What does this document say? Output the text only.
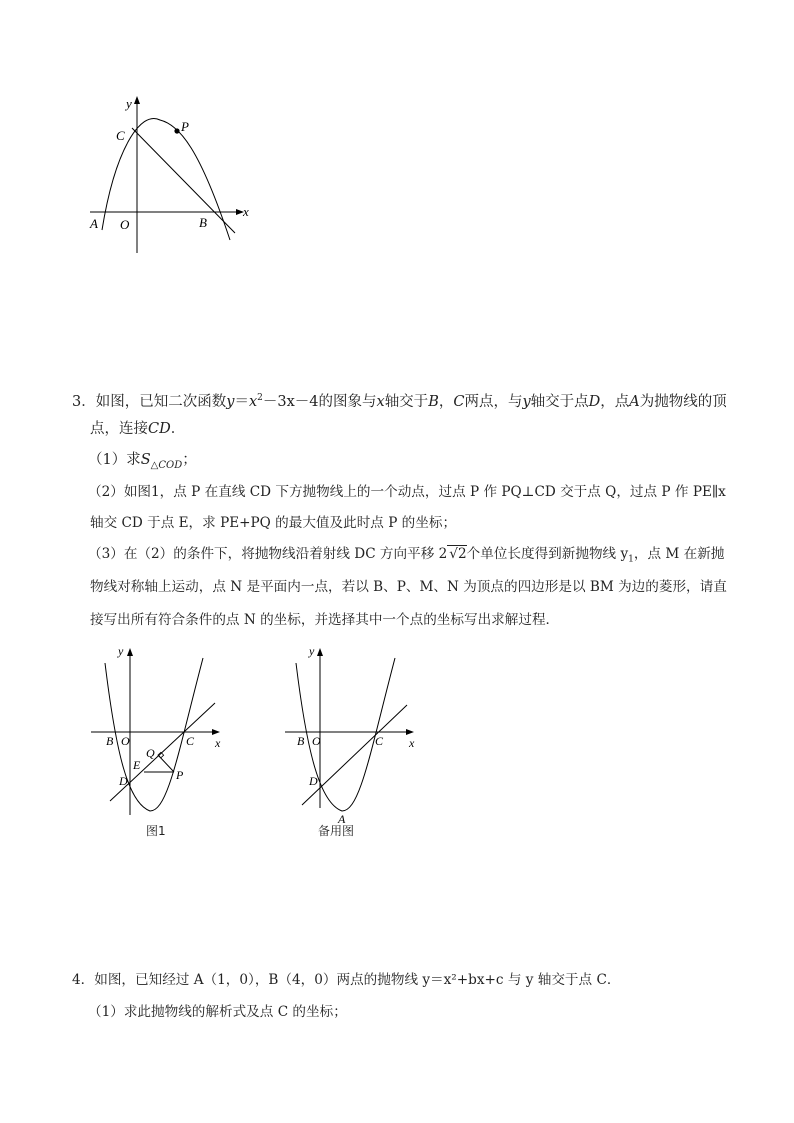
y
x
C
P
A O	B
3．如图，已知二次函数$y=x^2-3x-4$的图象与x轴交于B，C两点，与y轴交于点D，点A为抛物线的顶
点，连接CD．
（1）求$S_{\triangle COD}$；
（2）如图1，点 P 在直线 CD 下方抛物线上的一个动点，过点 P 作 PQ⊥CD 交于点 Q，过点 P 作 PE∥x
轴交 CD 于点 E，求 PE+PQ 的最大值及此时点 P 的坐标；
（3）在（2）的条件下，将抛物线沿着射线 DC 方向平移 2 √2个单位长度得到新抛物线 $y_1$，点 M 在新抛
物线对称轴上运动，点 N 是平面内一点，若以 B、P、M、N 为顶点的四边形是以 BM 为边的菱形，请直
接写出所有符合条件的点 N 的坐标，并选择其中一个点的坐标写出求解过程．
y
x
B O	C
Q
E
P
D
图1
y
x
B O	C
D
A
备用图
4．如图，已知经过 A（1，0），B（4，0）两点的抛物线 y＝x²+bx+c 与 y 轴交于点 C．
（1）求此抛物线的解析式及点 C 的坐标；
